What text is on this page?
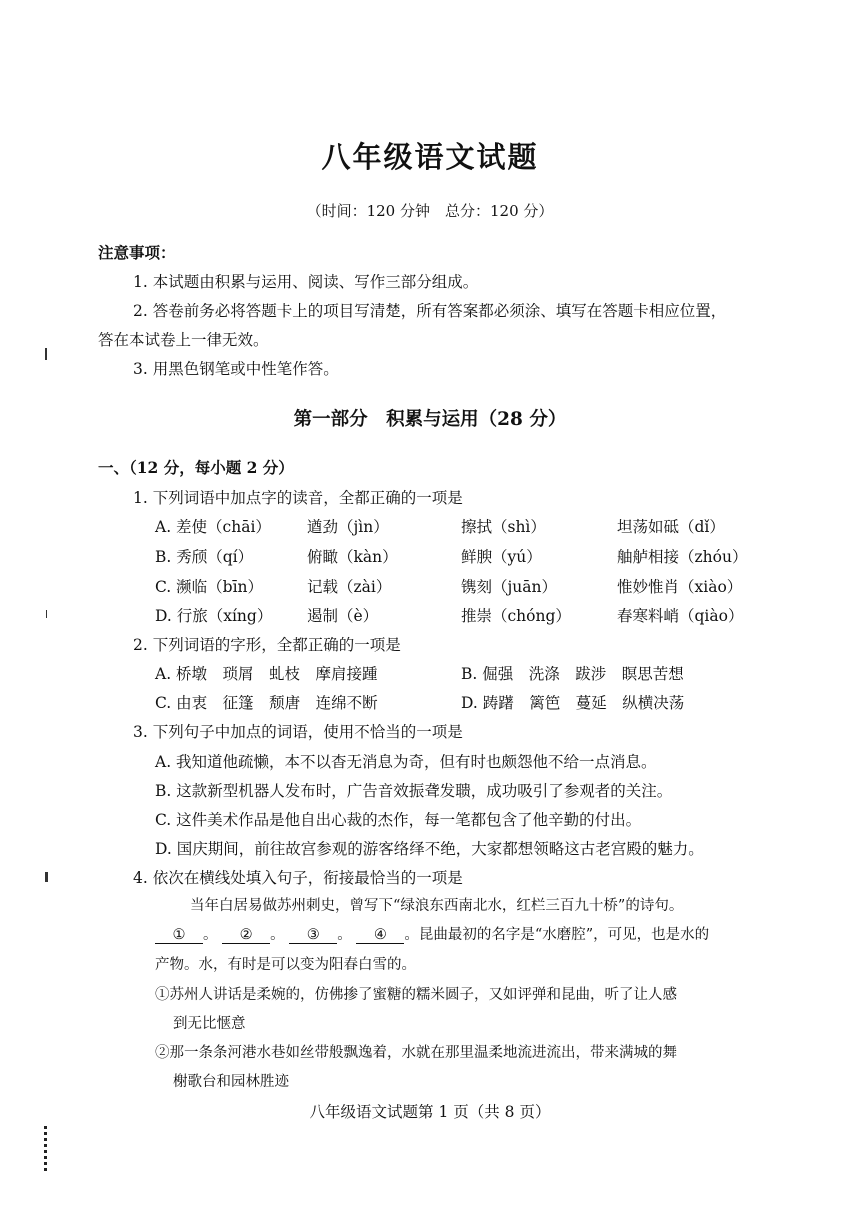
八年级语文试题
（时间：120 分钟　总分：120 分）
注意事项：
1. 本试题由积累与运用、阅读、写作三部分组成。
2. 答卷前务必将答题卡上的项目写清楚，所有答案都必须涂、填写在答题卡相应位置，
答在本试卷上一律无效。
3. 用黑色钢笔或中性笔作答。
第一部分　积累与运用（28 分）
一、（12 分，每小题 2 分）
1. 下列词语中加点字的读音，全都正确的一项是
A. 差使（chāi） 遒劲（jìn）	擦拭（shì）	坦荡如砥（dǐ）
B. 秀颀（qí）	俯瞰（kàn）	鲜腴（yú）	舳舻相接（zhóu）
C. 濒临（bīn）	记载（zài）	镌刻（juān）	惟妙惟肖（xiào）
D. 行旅（xíng） 遏制（è）	推崇（chóng）	春寒料峭（qiào）
2. 下列词语的字形，全都正确的一项是
A. 桥墩　琐屑　虬枝　摩肩接踵	B. 倔强　洗涤　跋涉　瞑思苦想
C. 由衷　征篷　颓唐　连绵不断	D. 踌躇　篱笆　蔓延　纵横决荡
3. 下列句子中加点的词语，使用不恰当的一项是
A. 我知道他疏懒，本不以杳无消息为奇，但有时也颇怨他不给一点消息。
B. 这款新型机器人发布时，广告音效振聋发聩，成功吸引了参观者的关注。
C. 这件美术作品是他自出心裁的杰作，每一笔都包含了他辛勤的付出。
D. 国庆期间，前往故宫参观的游客络绎不绝，大家都想领略这古老宫殿的魅力。
4. 依次在横线处填入句子，衔接最恰当的一项是
当年白居易做苏州刺史，曾写下“绿浪东西南北水，红栏三百九十桥”的诗句。
① 。 ② 。 ③ 。 ④ 。昆曲最初的名字是“水磨腔”，可见，也是水的
产物。水，有时是可以变为阳春白雪的。
①苏州人讲话是柔婉的，仿佛掺了蜜糖的糯米圆子，又如评弹和昆曲，听了让人感
到无比惬意
②那一条条河港水巷如丝带般飘逸着，水就在那里温柔地流进流出，带来满城的舞
榭歌台和园林胜迹
八年级语文试题第 1 页（共 8 页）
